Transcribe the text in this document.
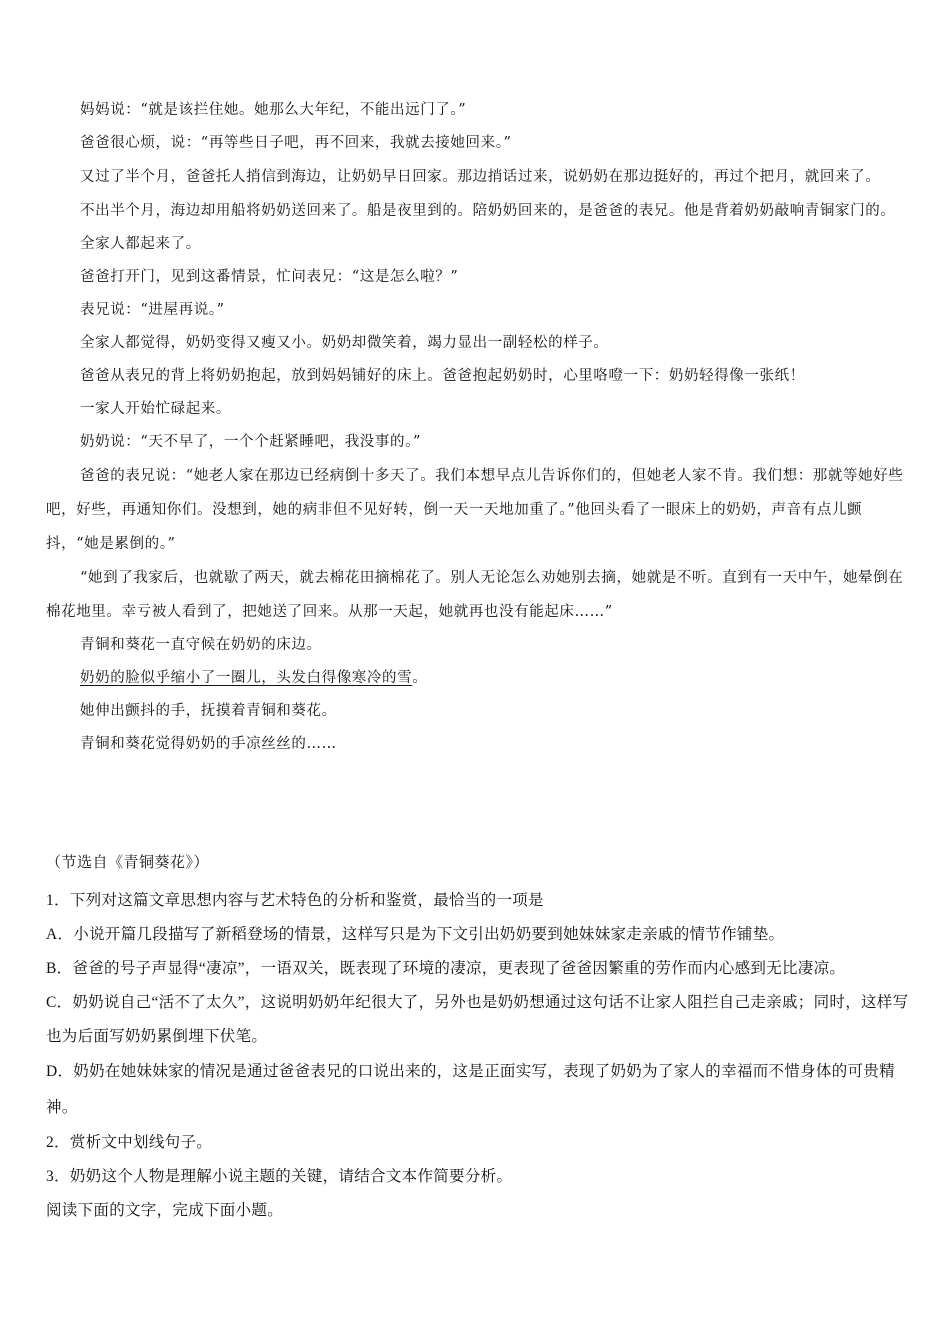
妈妈说：“就是该拦住她。她那么大年纪，不能出远门了。”

爸爸很心烦，说：“再等些日子吧，再不回来，我就去接她回来。”

又过了半个月，爸爸托人捎信到海边，让奶奶早日回家。那边捎话过来，说奶奶在那边挺好的，再过个把月，就回来了。

不出半个月，海边却用船将奶奶送回来了。船是夜里到的。陪奶奶回来的，是爸爸的表兄。他是背着奶奶敲响青铜家门的。

全家人都起来了。

爸爸打开门，见到这番情景，忙问表兄：“这是怎么啦？”

表兄说：“进屋再说。”

全家人都觉得，奶奶变得又瘦又小。奶奶却微笑着，竭力显出一副轻松的样子。

爸爸从表兄的背上将奶奶抱起，放到妈妈铺好的床上。爸爸抱起奶奶时，心里咯噔一下：奶奶轻得像一张纸！

一家人开始忙碌起来。

奶奶说：“天不早了，一个个赶紧睡吧，我没事的。”

爸爸的表兄说：“她老人家在那边已经病倒十多天了。我们本想早点儿告诉你们的，但她老人家不肯。我们想：那就等她好些吧，好些，再通知你们。没想到，她的病非但不见好转，倒一天一天地加重了。”他回头看了一眼床上的奶奶，声音有点儿颤抖，“她是累倒的。”

“她到了我家后，也就歇了两天，就去棉花田摘棉花了。别人无论怎么劝她别去摘，她就是不听。直到有一天中午，她晕倒在棉花地里。幸亏被人看到了，把她送了回来。从那一天起，她就再也没有能起床……”

青铜和葵花一直守候在奶奶的床边。

奶奶的脸似乎缩小了一圈儿，头发白得像寒冷的雪。

她伸出颤抖的手，抚摸着青铜和葵花。

青铜和葵花觉得奶奶的手凉丝丝的……

（节选自《青铜葵花》）

1．下列对这篇文章思想内容与艺术特色的分析和鉴赏，最恰当的一项是

A．小说开篇几段描写了新稻登场的情景，这样写只是为下文引出奶奶要到她妹妹家走亲戚的情节作铺垫。

B．爸爸的号子声显得“凄凉”，一语双关，既表现了环境的凄凉，更表现了爸爸因繁重的劳作而内心感到无比凄凉。

C．奶奶说自己“活不了太久”，这说明奶奶年纪很大了，另外也是奶奶想通过这句话不让家人阻拦自己走亲戚；同时，这样写也为后面写奶奶累倒埋下伏笔。

D．奶奶在她妹妹家的情况是通过爸爸表兄的口说出来的，这是正面实写，表现了奶奶为了家人的幸福而不惜身体的可贵精神。

2．赏析文中划线句子。

3．奶奶这个人物是理解小说主题的关键，请结合文本作简要分析。

阅读下面的文字，完成下面小题。
